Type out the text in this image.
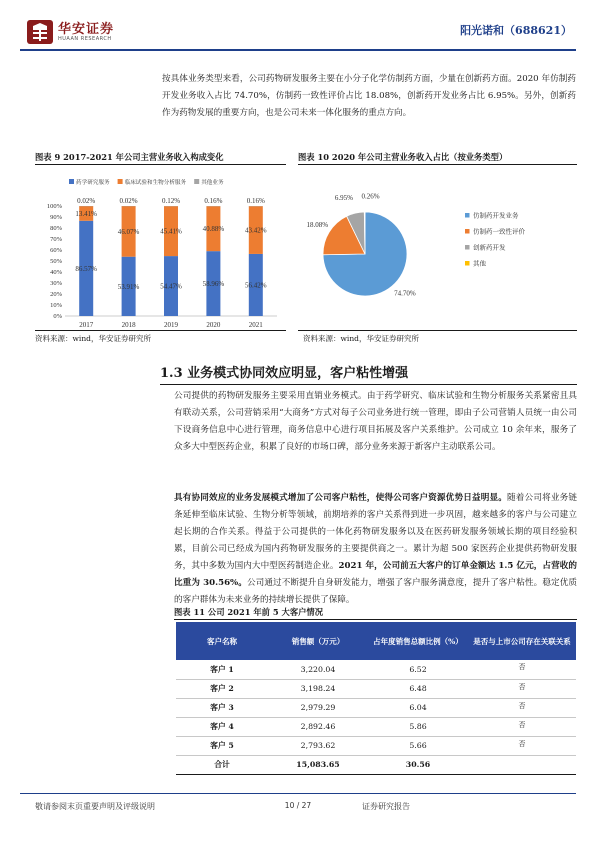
华安证券
HUAAN RESEARCH
阳光诺和（688621）
按具体业务类型来看，公司药物研发服务主要在小分子化学仿制药方面，少量在创新药方面。2020 年仿制药开发业务收入占比 74.70%，仿制药一致性评价占比 18.08%，创新药开发业务占比 6.95%。另外，创新药作为药物发展的重要方向，也是公司未来一体化服务的重点方向。
图表 9 2017-2021 年公司主营业务收入构成变化
药学研究服务	临床试验和生物分析服务	其他业务
0%
10%
20%
30%
40%
50%
60%
70%
80%
90%
100%
86.57%
13.41%
0.02%
2017
53.91%
46.07%
0.02%
2018
54.47%
45.41%
0.12%
2019
58.96%
40.88%
0.16%
2020
56.42%
43.42%
0.16%
2021
资料来源：wind，华安证券研究所
图表 10 2020 年公司主营业务收入占比（按业务类型）
74.70%
18.08%
6.95% 0.26%
仿制药开发业务
仿制药一致性评价
创新药开发
其他
资料来源：wind，华安证券研究所
1.3 业务模式协同效应明显，客户粘性增强
公司提供的药物研发服务主要采用直销业务模式。由于药学研究、临床试验和生物分析服务关系紧密且具有联动关系，公司营销采用“大商务”方式对每子公司业务进行统一管理，即由子公司营销人员统一由公司下设商务信息中心进行管理，商务信息中心进行项目拓展及客户关系维护。公司成立 10 余年来，服务了众多大中型医药企业，积累了良好的市场口碑，部分业务来源于新客户主动联系公司。
具有协同效应的业务发展模式增加了公司客户粘性，使得公司客户资源优势日益明显。随着公司将业务链条延伸至临床试验、生物分析等领域，前期培养的客户关系得到进一步巩固，越来越多的客户与公司建立起长期的合作关系。得益于公司提供的一体化药物研发服务以及在医药研发服务领域长期的项目经验积累，目前公司已经成为国内药物研发服务的主要提供商之一。累计为超 500 家医药企业提供药物研发服务，其中多数为国内大中型医药制造企业。2021 年，公司前五大客户的订单金额达 1.5 亿元，占营收的比重为 30.56%。公司通过不断提升自身研发能力，增强了客户服务满意度，提升了客户粘性。稳定优质的客户群体为未来业务的持续增长提供了保障。
图表 11 公司 2021 年前 5 大客户情况
客户名称	销售额（万元）	占年度销售总额比例（%）	是否与上市公司存在关联关系
客户 1	3,220.04	6.52	否
客户 2	3,198.24	6.48	否
客户 3	2,979.29	6.04	否
客户 4	2,892.46	5.86	否
客户 5	2,793.62	5.66	否
合计	15,083.65	30.56	
敬请参阅末页重要声明及评级说明	10 / 27	证券研究报告
